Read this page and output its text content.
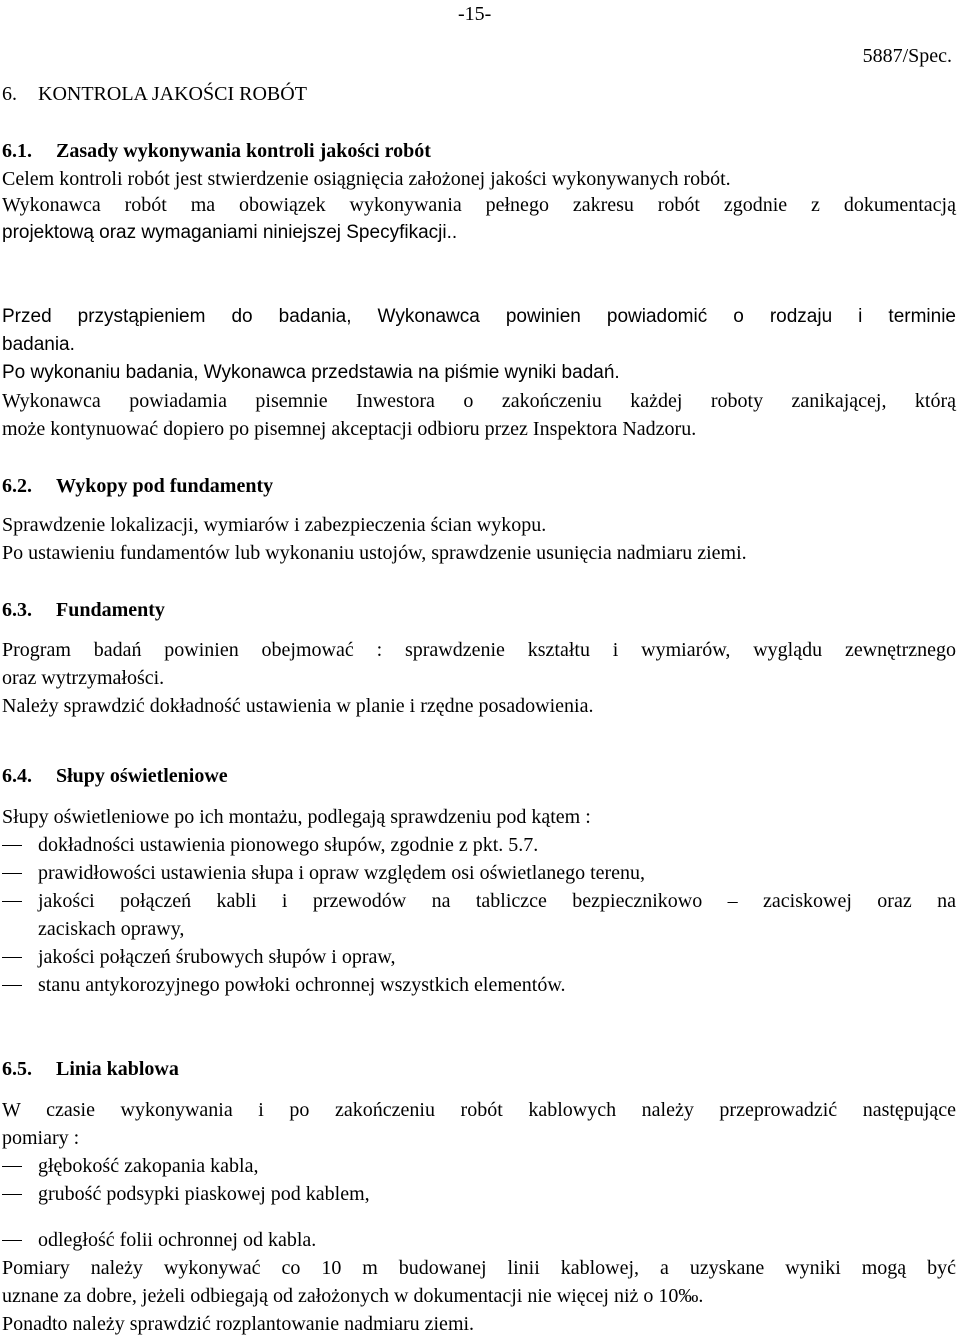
-15-
5887/Spec.
6. KONTROLA JAKOŚCI ROBÓT
6.1. Zasady wykonywania kontroli jakości robót
Celem kontroli robót jest stwierdzenie osiągnięcia założonej jakości wykonywanych robót.
Wykonawca robót ma obowiązek wykonywania pełnego zakresu robót zgodnie z dokumentacją
projektową oraz wymaganiami niniejszej Specyfikacji..
Przed przystąpieniem do badania, Wykonawca powinien powiadomić o rodzaju i terminie
badania.
Po wykonaniu badania, Wykonawca przedstawia na piśmie wyniki badań.
Wykonawca powiadamia pisemnie Inwestora o zakończeniu każdej roboty zanikającej, którą
może kontynuować dopiero po pisemnej akceptacji odbioru przez Inspektora Nadzoru.
6.2. Wykopy pod fundamenty
Sprawdzenie lokalizacji, wymiarów i zabezpieczenia ścian wykopu.
Po ustawieniu fundamentów lub wykonaniu ustojów, sprawdzenie usunięcia nadmiaru ziemi.
6.3. Fundamenty
Program badań powinien obejmować : sprawdzenie kształtu i wymiarów, wyglądu zewnętrznego
oraz wytrzymałości.
Należy sprawdzić dokładność ustawienia w planie i rzędne posadowienia.
6.4. Słupy oświetleniowe
Słupy oświetleniowe po ich montażu, podlegają sprawdzeniu pod kątem :
dokładności ustawienia pionowego słupów, zgodnie z pkt. 5.7.
prawidłowości ustawienia słupa i opraw względem osi oświetlanego terenu,
jakości połączeń kabli i przewodów na tabliczce bezpiecznikowo – zaciskowej oraz na
zaciskach oprawy,
jakości połączeń śrubowych słupów i opraw,
stanu antykorozyjnego powłoki ochronnej wszystkich elementów.
6.5. Linia kablowa
W czasie wykonywania i po zakończeniu robót kablowych należy przeprowadzić następujące
pomiary :
głębokość zakopania kabla,
grubość podsypki piaskowej pod kablem,
odległość folii ochronnej od kabla.
Pomiary należy wykonywać co 10 m budowanej linii kablowej, a uzyskane wyniki mogą być
uznane za dobre, jeżeli odbiegają od założonych w dokumentacji nie więcej niż o 10‰.
Ponadto należy sprawdzić rozplantowanie nadmiaru ziemi.
